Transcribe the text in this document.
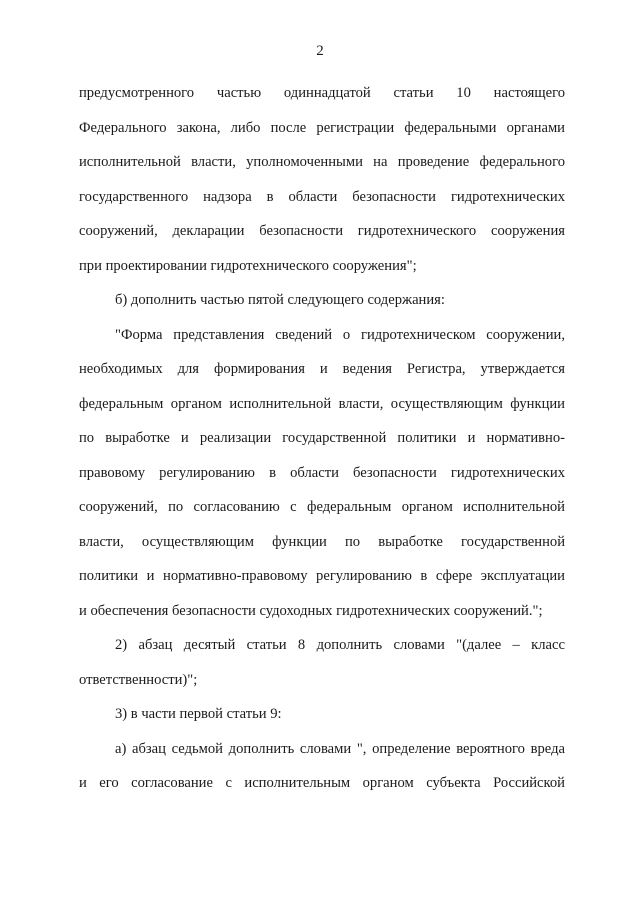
2
предусмотренного частью одиннадцатой статьи 10 настоящего
Федерального закона, либо после регистрации федеральными органами
исполнительной власти, уполномоченными на проведение федерального
государственного надзора в области безопасности гидротехнических
сооружений, декларации безопасности гидротехнического сооружения
при проектировании гидротехнического сооружения";
б) дополнить частью пятой следующего содержания:
"Форма представления сведений о гидротехническом сооружении,
необходимых для формирования и ведения Регистра, утверждается
федеральным органом исполнительной власти, осуществляющим функции
по выработке и реализации государственной политики и нормативно-
правовому регулированию в области безопасности гидротехнических
сооружений, по согласованию с федеральным органом исполнительной
власти, осуществляющим функции по выработке государственной
политики и нормативно-правовому регулированию в сфере эксплуатации
и обеспечения безопасности судоходных гидротехнических сооружений.";
2) абзац десятый статьи 8 дополнить словами "(далее – класс
ответственности)";
3) в части первой статьи 9:
а) абзац седьмой дополнить словами ", определение вероятного вреда
и его согласование с исполнительным органом субъекта Российской
